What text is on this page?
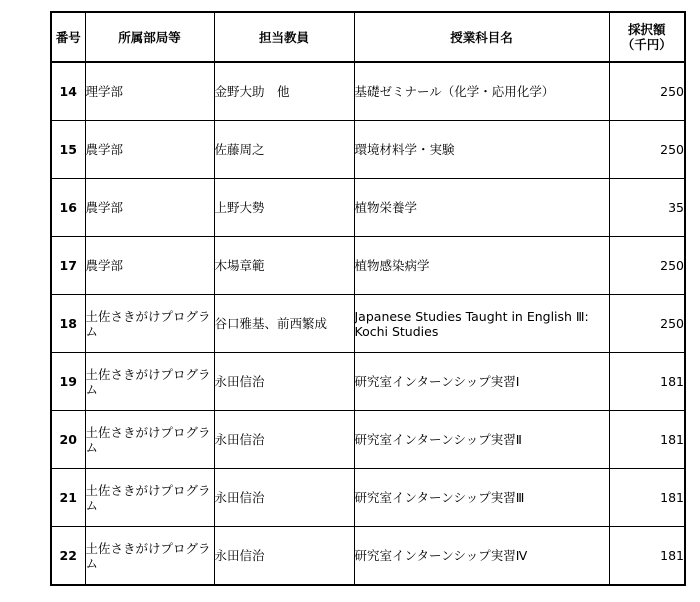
番号	所属部局等	担当教員	授業科目名	採択額
（千円）
14	理学部	金野大助　他	基礎ゼミナール（化学・応用化学）	250
15	農学部	佐藤周之	環境材料学・実験	250
16	農学部	上野大勢	植物栄養学	35
17	農学部	木場章範	植物感染病学	250
18	土佐さきがけプログラム	谷口雅基、前西繁成	Japanese Studies Taught in English Ⅲ: Kochi Studies	250
19	土佐さきがけプログラム	永田信治	研究室インターンシップ実習Ⅰ	181
20	土佐さきがけプログラム	永田信治	研究室インターンシップ実習Ⅱ	181
21	土佐さきがけプログラム	永田信治	研究室インターンシップ実習Ⅲ	181
22	土佐さきがけプログラム	永田信治	研究室インターンシップ実習Ⅳ	181
